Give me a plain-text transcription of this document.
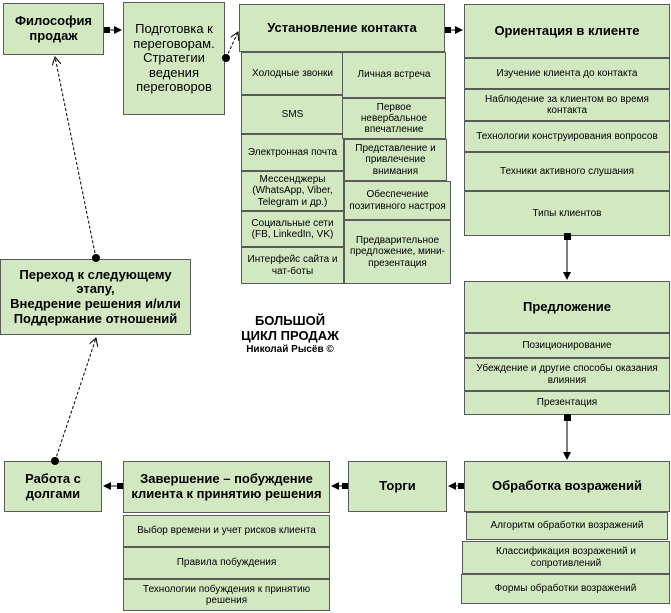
Философия продаж	Подготовка к переговорам. Стратегии ведения переговоров
Установление контакта
Холодные звонки
SMS
Электронная почта
Мессенджеры (WhatsApp, Viber, Telegram и др.)
Социальные сети (FB, LinkedIn, VK)
Интерфейс сайта и чат-боты
Личная встреча
Первое невербальное впечатление
Представление и привлечение внимания
Обеспечение позитивного настроя
Предварительное предложение, мини-презентация
Ориентация в клиенте
Изучение клиента до контакта
Наблюдение за клиентом во время контакта
Технологии конструирования вопросов
Техники активного слушания
Типы клиентов
Предложение
Позиционирование
Убеждение и другие способы оказания влияния
Презентация
Обработка возражений
Алгоритм обработки возражений
Классификация возражений и сопротивлений
Формы обработки возражений
Торги
Завершение – побуждение клиента к принятию решения
Выбор времени и учет рисков клиента
Правила побуждения
Технологии побуждения к принятию решения
Работа с долгами
Переход к следующему этапу,
Внедрение решения и/или Поддержание отношений	БОЛЬШОЙ
ЦИКЛ ПРОДАЖ
Николай Рысёв ©
